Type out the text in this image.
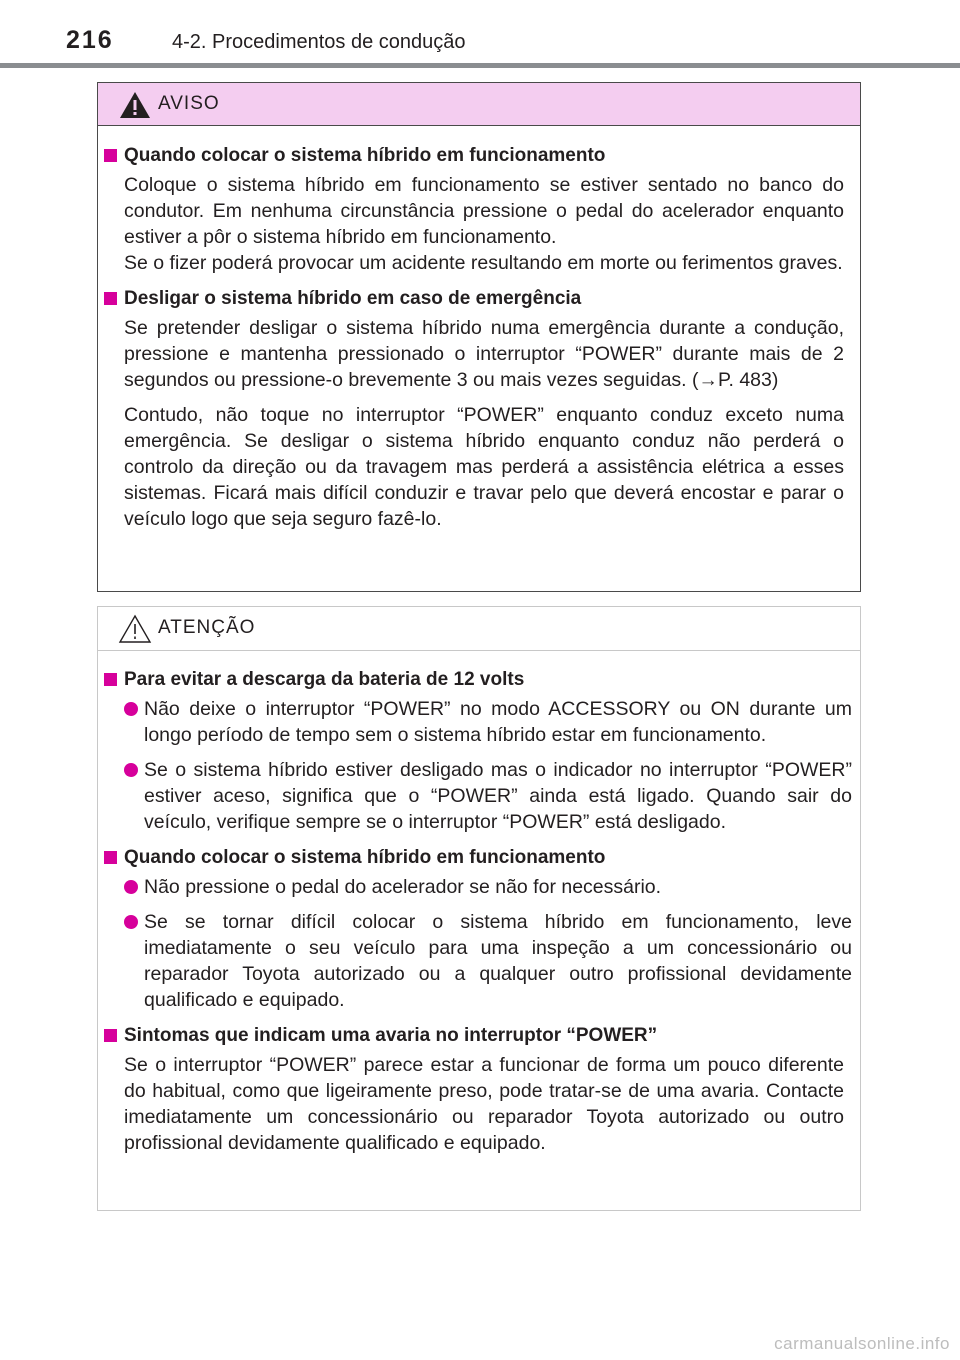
216	4-2. Procedimentos de condução
AVISO
Quando colocar o sistema híbrido em funcionamento
Coloque o sistema híbrido em funcionamento se estiver sentado no banco do condutor. Em nenhuma circunstância pressione o pedal do acelerador enquanto estiver a pôr o sistema híbrido em funcionamento.
Se o fizer poderá provocar um acidente resultando em morte ou ferimentos graves.
Desligar o sistema híbrido em caso de emergência
Se pretender desligar o sistema híbrido numa emergência durante a condução, pressione e mantenha pressionado o interruptor “POWER” durante mais de 2 segundos ou pressione-o brevemente 3 ou mais vezes seguidas. (→P. 483)
Contudo, não toque no interruptor “POWER” enquanto conduz exceto numa emergência. Se desligar o sistema híbrido enquanto conduz não perderá o controlo da direção ou da travagem mas perderá a assistência elétrica a esses sistemas. Ficará mais difícil conduzir e travar pelo que deverá encostar e parar o veículo logo que seja seguro fazê-lo.
ATENÇÃO
Para evitar a descarga da bateria de 12 volts
Não deixe o interruptor “POWER” no modo ACCESSORY ou ON durante um longo período de tempo sem o sistema híbrido estar em funcionamento.
Se o sistema híbrido estiver desligado mas o indicador no interruptor “POWER” estiver aceso, significa que o “POWER” ainda está ligado. Quando sair do veículo, verifique sempre se o interruptor “POWER” está desligado.
Quando colocar o sistema híbrido em funcionamento
Não pressione o pedal do acelerador se não for necessário.
Se se tornar difícil colocar o sistema híbrido em funcionamento, leve imediatamente o seu veículo para uma inspeção a um concessionário ou reparador Toyota autorizado ou a qualquer outro profissional devidamente qualificado e equipado.
Sintomas que indicam uma avaria no interruptor “POWER”
Se o interruptor “POWER” parece estar a funcionar de forma um pouco diferente do habitual, como que ligeiramente preso, pode tratar-se de uma avaria. Contacte imediatamente um concessionário ou reparador Toyota autorizado ou outro profissional devidamente qualificado e equipado.
carmanualsonline.info
